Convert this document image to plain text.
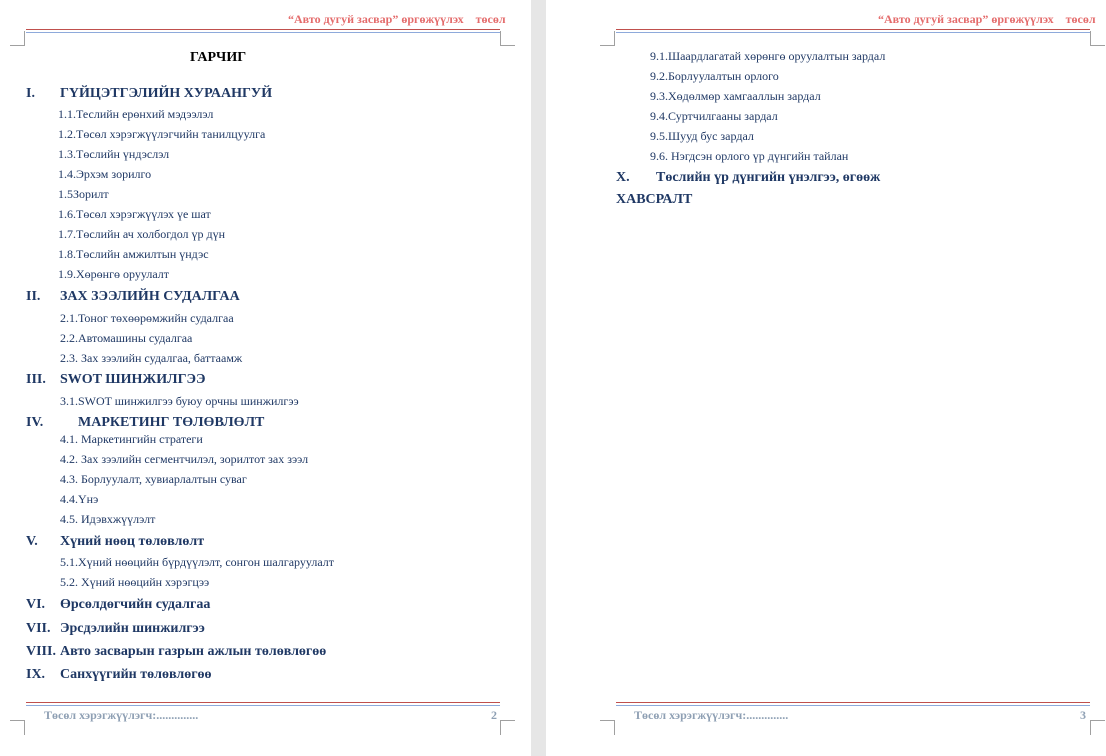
“Авто дугуй засвар” өргөжүүлэх    төсөл
ГАРЧИГ
I. ГҮЙЦЭТГЭЛИЙН ХУРААНГУЙ
1.1.Теслийн ерөнхий мэдээлэл
1.2.Төсөл хэрэгжүүлэгчийн танилцуулга
1.3.Төслийн үндэслэл
1.4.Эрхэм зорилго
1.5Зорилт
1.6.Төсөл хэрэгжүүлэх үе шат
1.7.Төслийн ач холбогдол үр дүн
1.8.Төслийн амжилтын үндэс
1.9.Хөрөнгө оруулалт
II. ЗАХ ЗЭЭЛИЙН СУДАЛГАА
2.1.Тоног төхөөрөмжийн судалгаа
2.2.Автомашины судалгаа
2.3. Зах зээлийн судалгаа, баттаамж
III. SWOT ШИНЖИЛГЭЭ
3.1.SWOT шинжилгээ буюу орчны шинжилгээ
IV. МАРКЕТИНГ ТӨЛӨВЛӨЛТ
4.1. Маркетингийн стратеги
4.2. Зах зээлийн сегментчилэл, зорилтот зах зээл
4.3. Борлуулалт, хувиарлалтын суваг
4.4.Үнэ
4.5. Идэвхжүүлэлт
V. Хүний нөөц төлөвлөлт
5.1.Хүний нөөцийн бүрдүүлэлт, сонгон шалгаруулалт
5.2. Хүний нөөцийн хэрэгцээ
VI. Өрсөлдөгчийн судалгаа
VII. Эрсдэлийн шинжилгээ
VIII. Авто засварын газрын ажлын төлөвлөгөө
IX. Санхүүгийн төлөвлөгөө
Төсөл хэрэгжүүлэгч:..............	2
“Авто дугуй засвар” өргөжүүлэх    төсөл
9.1.Шаардлагатай хөрөнгө оруулалтын зардал
9.2.Борлуулалтын орлого
9.3.Хөдөлмөр хамгааллын зардал
9.4.Суртчилгааны зардал
9.5.Шууд бус зардал
9.6. Нэгдсэн орлого үр дүнгийн тайлан
X. Төслийн үр дүнгийн үнэлгээ, өгөөж
ХАВСРАЛТ
Төсөл хэрэгжүүлэгч:..............	3
